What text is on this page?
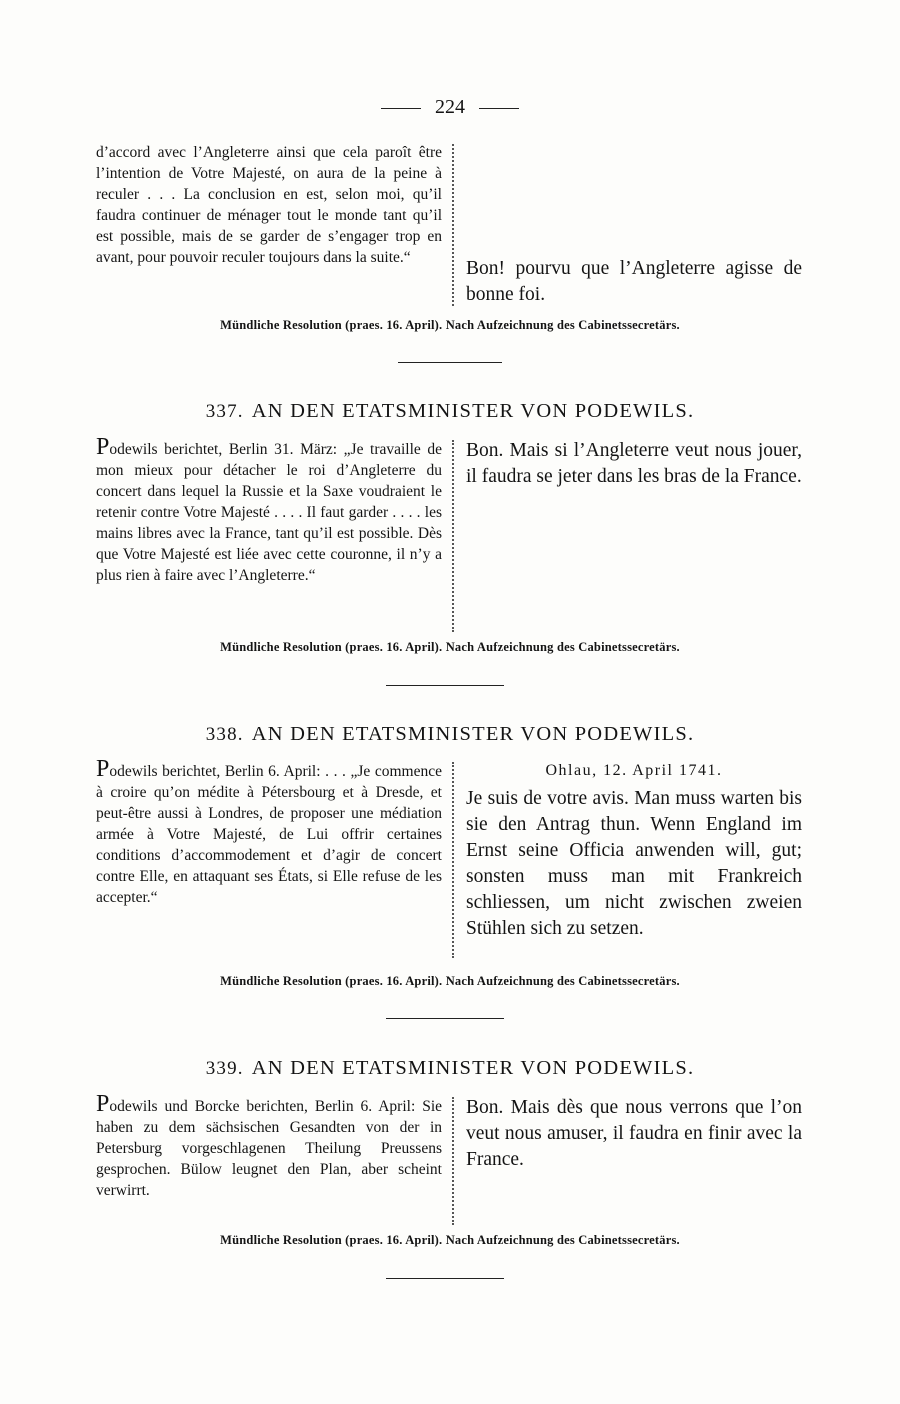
224

d’accord avec l’Angleterre ainsi que cela paroît être l’intention de Votre Majesté, on aura de la peine à reculer . . . La conclusion en est, selon moi, qu’il faudra continuer de ménager tout le monde tant qu’il est possible, mais de se garder de s’engager trop en avant, pour pouvoir reculer toujours dans la suite.“

Bon! pourvu que l’Angleterre agisse de bonne foi.

Mündliche Resolution (praes. 16. April). Nach Aufzeichnung des Cabinetssecretärs.
337. AN DEN ETATSMINISTER VON PODEWILS.

Podewils berichtet, Berlin 31. März: „Je travaille de mon mieux pour détacher le roi d’Angleterre du concert dans lequel la Russie et la Saxe voudraient le retenir contre Votre Majesté . . . . Il faut garder . . . . les mains libres avec la France, tant qu’il est possible. Dès que Votre Majesté est liée avec cette couronne, il n’y a plus rien à faire avec l’Angleterre.“

Bon. Mais si l’Angleterre veut nous jouer, il faudra se jeter dans les bras de la France.

Mündliche Resolution (praes. 16. April). Nach Aufzeichnung des Cabinetssecretärs.
338. AN DEN ETATSMINISTER VON PODEWILS.

Podewils berichtet, Berlin 6. April: . . . „Je commence à croire qu’on médite à Pétersbourg et à Dresde, et peut-être aussi à Londres, de proposer une médiation armée à Votre Majesté, de Lui offrir certaines conditions d’accommodement et d’agir de concert contre Elle, en attaquant ses États, si Elle refuse de les accepter.“

Ohlau, 12. April 1741.

Je suis de votre avis. Man muss warten bis sie den Antrag thun. Wenn England im Ernst seine Officia anwenden will, gut; sonsten muss man mit Frankreich schliessen, um nicht zwischen zweien Stühlen sich zu setzen.

Mündliche Resolution (praes. 16. April). Nach Aufzeichnung des Cabinetssecretärs.
339. AN DEN ETATSMINISTER VON PODEWILS.

Podewils und Borcke berichten, Berlin 6. April: Sie haben zu dem sächsischen Gesandten von der in Petersburg vorgeschlagenen Theilung Preussens gesprochen. Bülow leugnet den Plan, aber scheint verwirrt.

Bon. Mais dès que nous verrons que l’on veut nous amuser, il faudra en finir avec la France.

Mündliche Resolution (praes. 16. April). Nach Aufzeichnung des Cabinetssecretärs.
